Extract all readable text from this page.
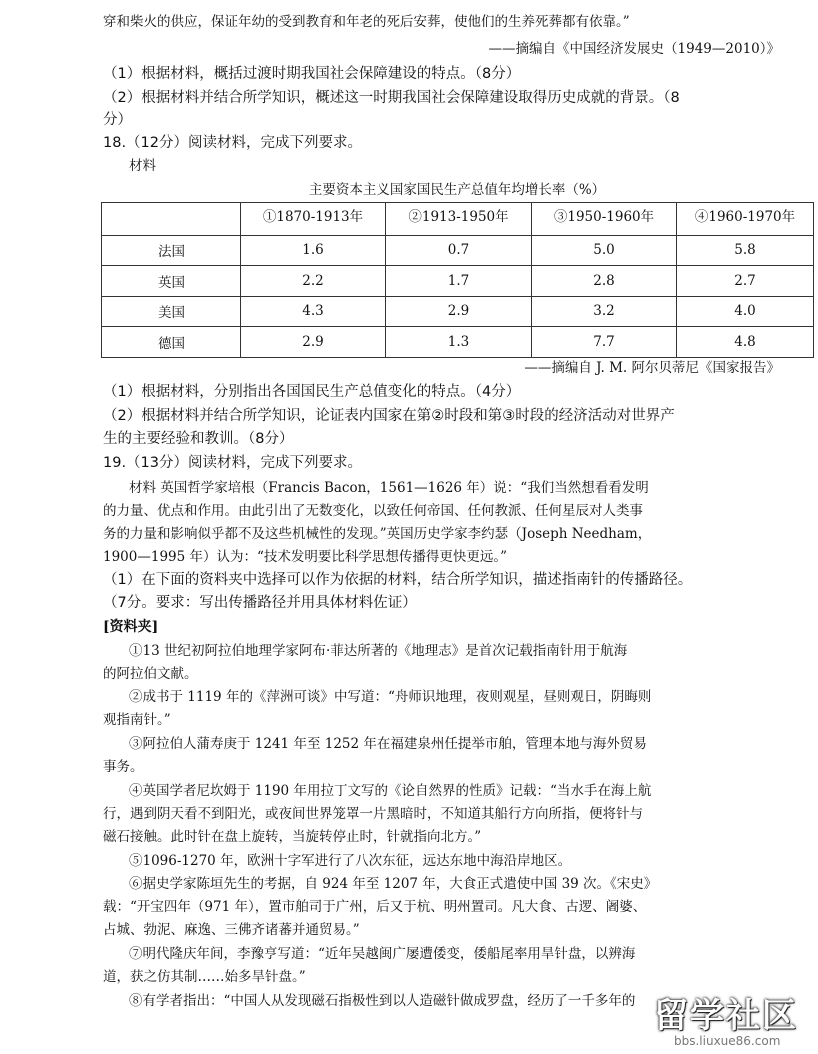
穿和柴火的供应，保证年幼的受到教育和年老的死后安葬，使他们的生养死葬都有依靠。”
——摘编自《中国经济发展史（1949—2010）》
（1）根据材料，概括过渡时期我国社会保障建设的特点。（8分）
（2）根据材料并结合所学知识，概述这一时期我国社会保障建设取得历史成就的背景。（8
分）
18.（12分）阅读材料，完成下列要求。
材料
主要资本主义国家国民生产总值年均增长率（%）
	①1870-1913年	②1913-1950年	③1950-1960年	④1960-1970年
法国	1.6	0.7	5.0	5.8
英国	2.2	1.7	2.8	2.7
美国	4.3	2.9	3.2	4.0
德国	2.9	1.3	7.7	4.8
——摘编自 J. M. 阿尔贝蒂尼《国家报告》
（1）根据材料，分别指出各国国民生产总值变化的特点。（4分）
（2）根据材料并结合所学知识，论证表内国家在第②时段和第③时段的经济活动对世界产
生的主要经验和教训。（8分）
19.（13分）阅读材料，完成下列要求。
材料 英国哲学家培根（Francis Bacon，1561—1626 年）说：“我们当然想看看发明
的力量、优点和作用。由此引出了无数变化，以致任何帝国、任何教派、任何星辰对人类事
务的力量和影响似乎都不及这些机械性的发现。”英国历史学家李约瑟（Joseph Needham，
1900—1995 年）认为：“技术发明要比科学思想传播得更快更远。”
（1）在下面的资料夹中选择可以作为依据的材料，结合所学知识，描述指南针的传播路径。
（7分。要求：写出传播路径并用具体材料佐证）
[资料夹]
①13 世纪初阿拉伯地理学家阿布·菲达所著的《地理志》是首次记载指南针用于航海
的阿拉伯文献。
②成书于 1119 年的《萍洲可谈》中写道：“舟师识地理，夜则观星，昼则观日，阴晦则
观指南针。”
③阿拉伯人蒲寿庚于 1241 年至 1252 年在福建泉州任提举市舶，管理本地与海外贸易
事务。
④英国学者尼坎姆于 1190 年用拉丁文写的《论自然界的性质》记载：“当水手在海上航
行，遇到阴天看不到阳光，或夜间世界笼罩一片黑暗时，不知道其船行方向所指，便将针与
磁石接触。此时针在盘上旋转，当旋转停止时，针就指向北方。”
⑤1096-1270 年，欧洲十字军进行了八次东征，远达东地中海沿岸地区。
⑥据史学家陈垣先生的考据，自 924 年至 1207 年，大食正式遣使中国 39 次。《宋史》
载：“开宝四年（971 年），置市舶司于广州，后又于杭、明州置司。凡大食、古逻、阇婆、
占城、勃泥、麻逸、三佛齐诸蕃并通贸易。”
⑦明代隆庆年间，李豫亨写道：“近年吴越闽广屡遭倭变，倭船尾率用旱针盘，以辨海
道，获之仿其制……始多旱针盘。”
⑧有学者指出：“中国人从发现磁石指极性到以人造磁针做成罗盘，经历了一千多年的 留学社区
bbs.liuxue86.com
